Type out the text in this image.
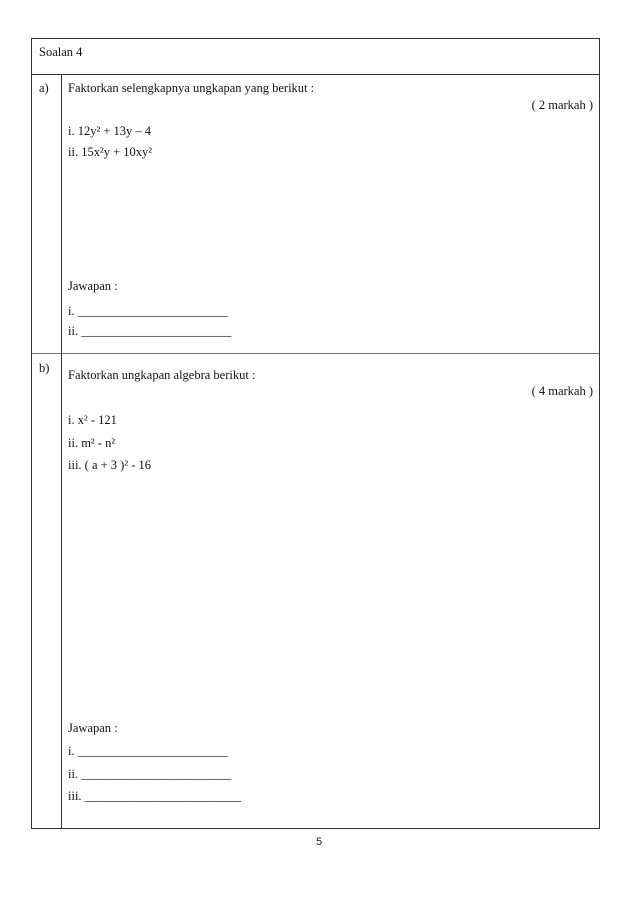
Soalan 4
a) Faktorkan selengkapnya ungkapan yang berikut :
( 2 markah )
i. 12y² + 13y – 4
ii. 15x²y + 10xy²
Jawapan :
i. ________________________
ii. ________________________
b) Faktorkan ungkapan algebra berikut :
( 4 markah )
i. x² - 121
ii. m² - n²
iii. ( a + 3 )² - 16
Jawapan :
i. ________________________
ii. ________________________
iii. _________________________
5
